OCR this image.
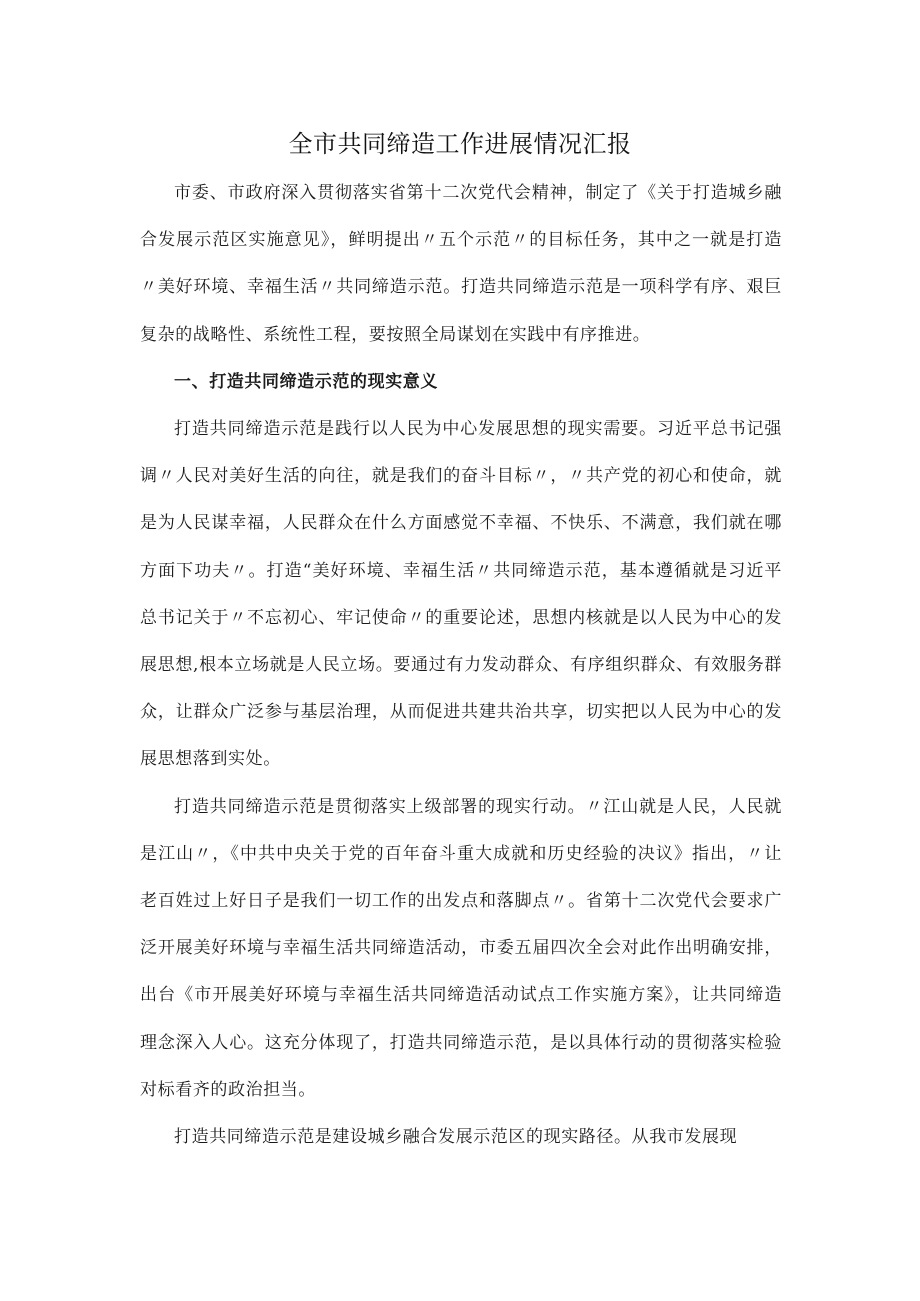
全市共同缔造工作进展情况汇报

市委、市政府深入贯彻落实省第十二次党代会精神，制定了《关于打造城乡融合发展示范区实施意见》，鲜明提出〃五个示范〃的目标任务，其中之一就是打造〃美好环境、幸福生活〃共同缔造示范。打造共同缔造示范是一项科学有序、艰巨复杂的战略性、系统性工程，要按照全局谋划在实践中有序推进。

一、打造共同缔造示范的现实意义

打造共同缔造示范是践行以人民为中心发展思想的现实需要。习近平总书记强调〃人民对美好生活的向往，就是我们的奋斗目标〃，〃共产党的初心和使命，就是为人民谋幸福，人民群众在什么方面感觉不幸福、不快乐、不满意，我们就在哪方面下功夫〃。打造“美好环境、幸福生活〃共同缔造示范，基本遵循就是习近平总书记关于〃不忘初心、牢记使命〃的重要论述，思想内核就是以人民为中心的发展思想,根本立场就是人民立场。要通过有力发动群众、有序组织群众、有效服务群众，让群众广泛参与基层治理，从而促进共建共治共享，切实把以人民为中心的发展思想落到实处。

打造共同缔造示范是贯彻落实上级部署的现实行动。〃江山就是人民，人民就是江山〃，《中共中央关于党的百年奋斗重大成就和历史经验的决议》指出，〃让老百姓过上好日子是我们一切工作的出发点和落脚点〃。省第十二次党代会要求广泛开展美好环境与幸福生活共同缔造活动，市委五届四次全会对此作出明确安排，出台《市开展美好环境与幸福生活共同缔造活动试点工作实施方案》，让共同缔造理念深入人心。这充分体现了，打造共同缔造示范，是以具体行动的贯彻落实检验对标看齐的政治担当。

打造共同缔造示范是建设城乡融合发展示范区的现实路径。从我市发展现
